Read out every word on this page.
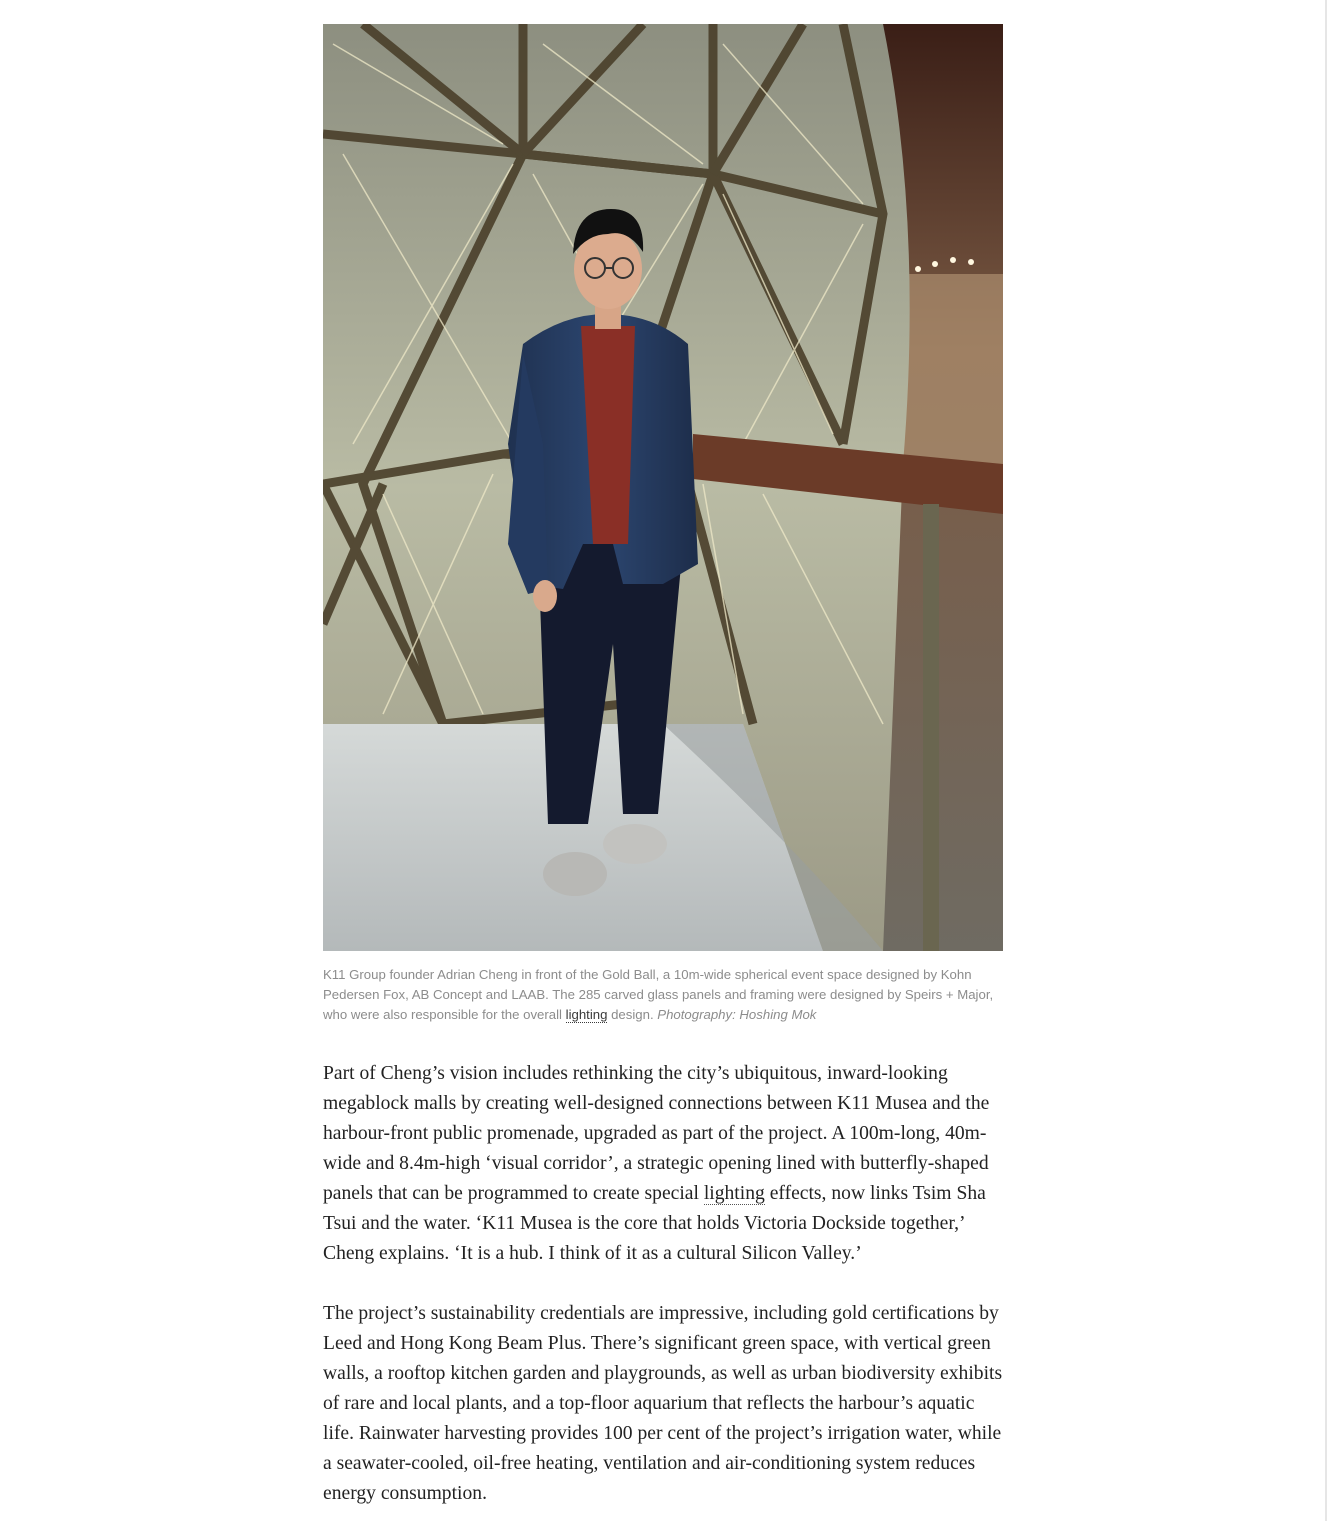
K11 Group founder Adrian Cheng in front of the Gold Ball, a 10m-wide spherical event space designed by Kohn Pedersen Fox, AB Concept and LAAB. The 285 carved glass panels and framing were designed by Speirs + Major, who were also responsible for the overall lighting design. Photography: Hoshing Mok

Part of Cheng’s vision includes rethinking the city’s ubiquitous, inward-looking megablock malls by creating well-designed connections between K11 Musea and the harbour-front public promenade, upgraded as part of the project. A 100m-long, 40m-wide and 8.4m-high ‘visual corridor’, a strategic opening lined with butterfly-shaped panels that can be programmed to create special lighting effects, now links Tsim Sha Tsui and the water. ‘K11 Musea is the core that holds Victoria Dockside together,’ Cheng explains. ‘It is a hub. I think of it as a cultural Silicon Valley.’

The project’s sustainability credentials are impressive, including gold certifications by Leed and Hong Kong Beam Plus. There’s significant green space, with vertical green walls, a rooftop kitchen garden and playgrounds, as well as urban biodiversity exhibits of rare and local plants, and a top-floor aquarium that reflects the harbour’s aquatic life. Rainwater harvesting provides 100 per cent of the project’s irrigation water, while a seawater-cooled, oil-free heating, ventilation and air-conditioning system reduces energy consumption.
